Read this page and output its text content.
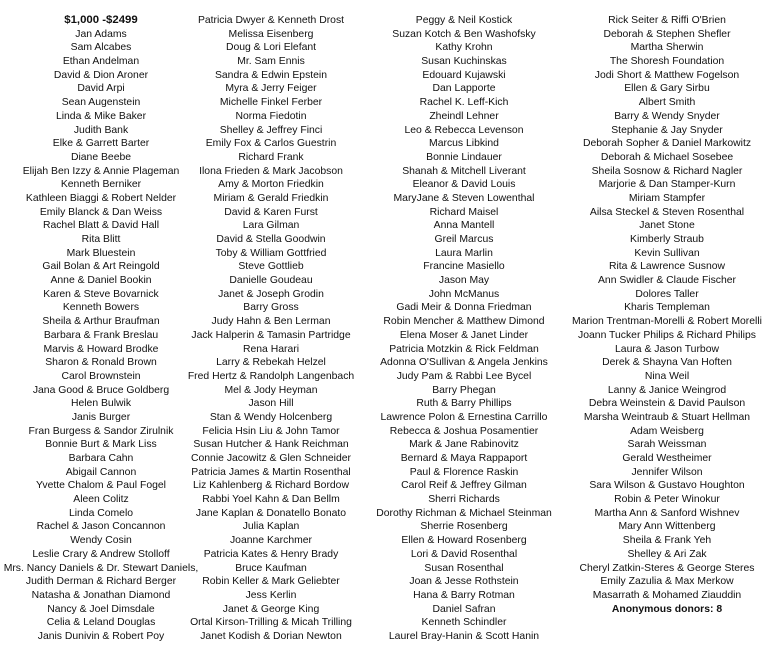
$1,000 -$2499
Jan Adams
Sam Alcabes
Ethan Andelman
David & Dion Aroner
David Arpi
Sean Augenstein
Linda & Mike Baker
Judith Bank
Elke & Garrett Barter
Diane Beebe
Elijah Ben Izzy & Annie Plageman
Kenneth Berniker
Kathleen Biaggi & Robert Nelder
Emily Blanck & Dan Weiss
Rachel Blatt & David Hall
Rita Blitt
Mark Bluestein
Gail Bolan & Art Reingold
Anne & Daniel Bookin
Karen & Steve Bovarnick
Kenneth Bowers
Sheila & Arthur Braufman
Barbara & Frank Breslau
Marvis & Howard Brodke
Sharon & Ronald Brown
Carol Brownstein
Jana Good & Bruce Goldberg
Helen Bulwik
Janis Burger
Fran Burgess & Sandor Zirulnik
Bonnie Burt & Mark Liss
Barbara Cahn
Abigail Cannon
Yvette Chalom & Paul Fogel
Aleen Colitz
Linda Comelo
Rachel & Jason Concannon
Wendy Cosin
Leslie Crary & Andrew Stolloff
Mrs. Nancy Daniels & Dr. Stewart Daniels,
Judith Derman & Richard Berger
Natasha & Jonathan Diamond
Nancy & Joel Dimsdale
Celia & Leland Douglas
Janis Dunivin & Robert Poy
Patricia Dwyer & Kenneth Drost
Melissa Eisenberg
Doug & Lori Elefant
Mr. Sam Ennis
Sandra & Edwin Epstein
Myra & Jerry Feiger
Michelle Finkel Ferber
Norma Fiedotin
Shelley & Jeffrey Finci
Emily Fox & Carlos Guestrin
Richard Frank
Ilona Frieden & Mark Jacobson
Amy & Morton Friedkin
Miriam & Gerald Friedkin
David & Karen Furst
Lara Gilman
David & Stella Goodwin
Toby & William Gottfried
Steve Gottlieb
Danielle Goudeau
Janet & Joseph Grodin
Barry Gross
Judy Hahn & Ben Lerman
Jack Halperin & Tamasin Partridge
Rena Harari
Larry & Rebekah Helzel
Fred Hertz & Randolph Langenbach
Mel & Jody Heyman
Jason Hill
Stan & Wendy Holcenberg
Felicia Hsin Liu & John Tamor
Susan Hutcher & Hank Reichman
Connie Jacowitz & Glen Schneider
Patricia James & Martin Rosenthal
Liz Kahlenberg & Richard Bordow
Rabbi Yoel Kahn & Dan Bellm
Jane Kaplan & Donatello Bonato
Julia Kaplan
Joanne Karchmer
Patricia Kates & Henry Brady
Bruce Kaufman
Robin Keller & Mark Geliebter
Jess Kerlin
Janet & George King
Ortal Kirson-Trilling & Micah Trilling
Janet Kodish & Dorian Newton
Peggy & Neil Kostick
Suzan Kotch & Ben Washofsky
Kathy Krohn
Susan Kuchinskas
Edouard Kujawski
Dan Lapporte
Rachel K. Leff-Kich
Zheindl Lehner
Leo & Rebecca Levenson
Marcus Libkind
Bonnie Lindauer
Shanah & Mitchell Liverant
Eleanor & David Louis
MaryJane & Steven Lowenthal
Richard Maisel
Anna Mantell
Greil Marcus
Laura Marlin
Francine Masiello
Jason May
John McManus
Gadi Meir & Donna Friedman
Robin Mencher & Matthew Dimond
Elena Moser & Janet Linder
Patricia Motzkin & Rick Feldman
Adonna O'Sullivan & Angela Jenkins
Judy Pam & Rabbi Lee Bycel
Barry Phegan
Ruth & Barry Phillips
Lawrence Polon & Ernestina Carrillo
Rebecca & Joshua Posamentier
Mark & Jane Rabinovitz
Bernard & Maya Rappaport
Paul & Florence Raskin
Carol Reif & Jeffrey Gilman
Sherri Richards
Dorothy Richman & Michael Steinman
Sherrie Rosenberg
Ellen & Howard Rosenberg
Lori & David Rosenthal
Susan Rosenthal
Joan & Jesse Rothstein
Hana & Barry Rotman
Daniel Safran
Kenneth Schindler
Laurel Bray-Hanin & Scott Hanin
Rick Seiter & Riffi O'Brien
Deborah & Stephen Shefler
Martha Sherwin
The Shoresh Foundation
Jodi Short & Matthew Fogelson
Ellen & Gary Sirbu
Albert Smith
Barry & Wendy Snyder
Stephanie & Jay Snyder
Deborah Sopher & Daniel Markowitz
Deborah & Michael Sosebee
Sheila Sosnow & Richard Nagler
Marjorie & Dan Stamper-Kurn
Miriam Stampfer
Ailsa Steckel & Steven Rosenthal
Janet Stone
Kimberly Straub
Kevin Sullivan
Rita & Lawrence Susnow
Ann Swidler & Claude Fischer
Dolores Taller
Kharis Templeman
Marion Trentman-Morelli & Robert Morelli
Joann Tucker Philips & Richard Philips
Laura & Jason Turbow
Derek & Shayna Van Hoften
Nina Weil
Lanny & Janice Weingrod
Debra Weinstein & David Paulson
Marsha Weintraub & Stuart Hellman
Adam Weisberg
Sarah Weissman
Gerald Westheimer
Jennifer Wilson
Sara Wilson & Gustavo Houghton
Robin & Peter Winokur
Martha Ann & Sanford Wishnev
Mary Ann Wittenberg
Sheila & Frank Yeh
Shelley & Ari Zak
Cheryl Zatkin-Steres & George Steres
Emily Zazulia & Max Merkow
Masarrath & Mohamed Ziauddin
Anonymous donors: 8
